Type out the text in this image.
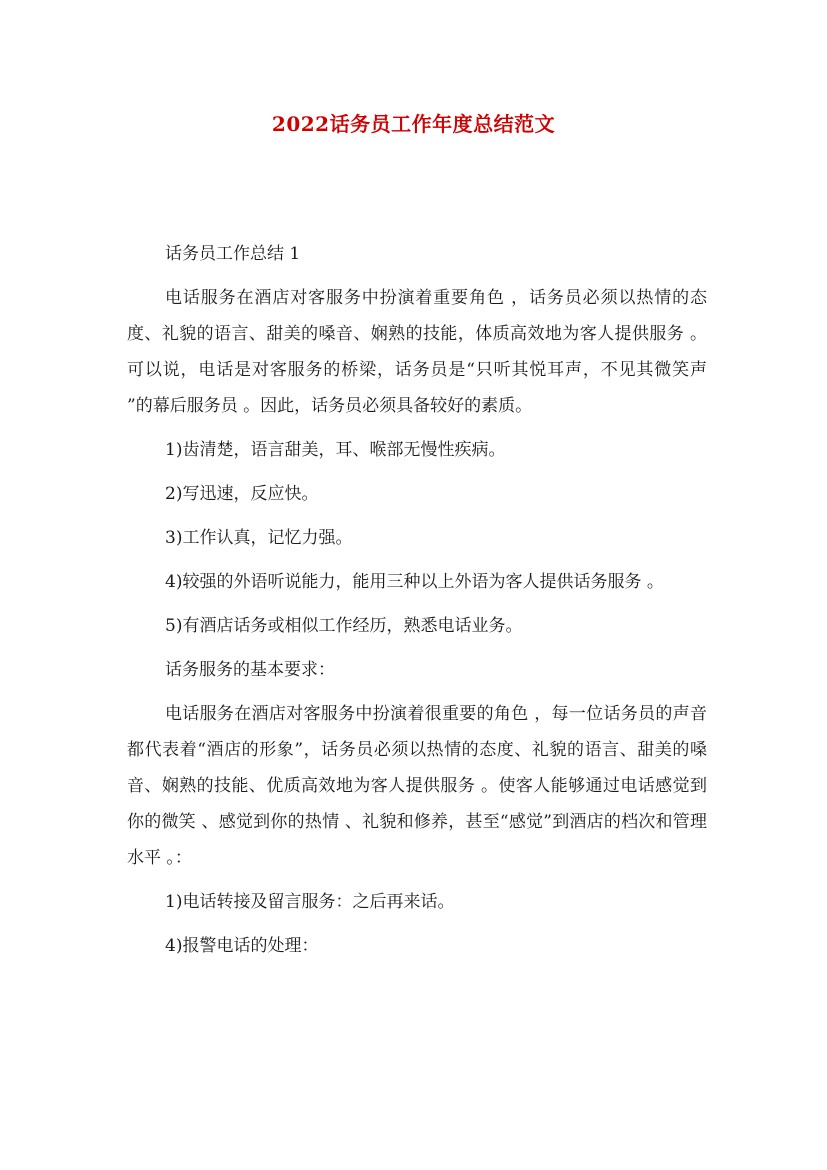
2022话务员工作年度总结范文

话务员工作总结 1

电话服务在酒店对客服务中扮演着重要角色 ，话务员必须以热情的态度、礼貌的语言、甜美的嗓音、娴熟的技能，体质高效地为客人提供服务 。可以说，电话是对客服务的桥梁，话务员是“只听其悦耳声，不见其微笑声 ”的幕后服务员 。因此，话务员必须具备较好的素质。

1)齿清楚，语言甜美，耳、喉部无慢性疾病。

2)写迅速，反应快。

3)工作认真，记忆力强。

4)较强的外语听说能力，能用三种以上外语为客人提供话务服务 。

5)有酒店话务或相似工作经历，熟悉电话业务。

话务服务的基本要求：

电话服务在酒店对客服务中扮演着很重要的角色 ，每一位话务员的声音都代表着“酒店的形象”，话务员必须以热情的态度、礼貌的语言、甜美的嗓音、娴熟的技能、优质高效地为客人提供服务 。使客人能够通过电话感觉到你的微笑 、感觉到你的热情 、礼貌和修养，甚至“感觉”到酒店的档次和管理水平 。：

1)电话转接及留言服务：之后再来话。

4)报警电话的处理：
